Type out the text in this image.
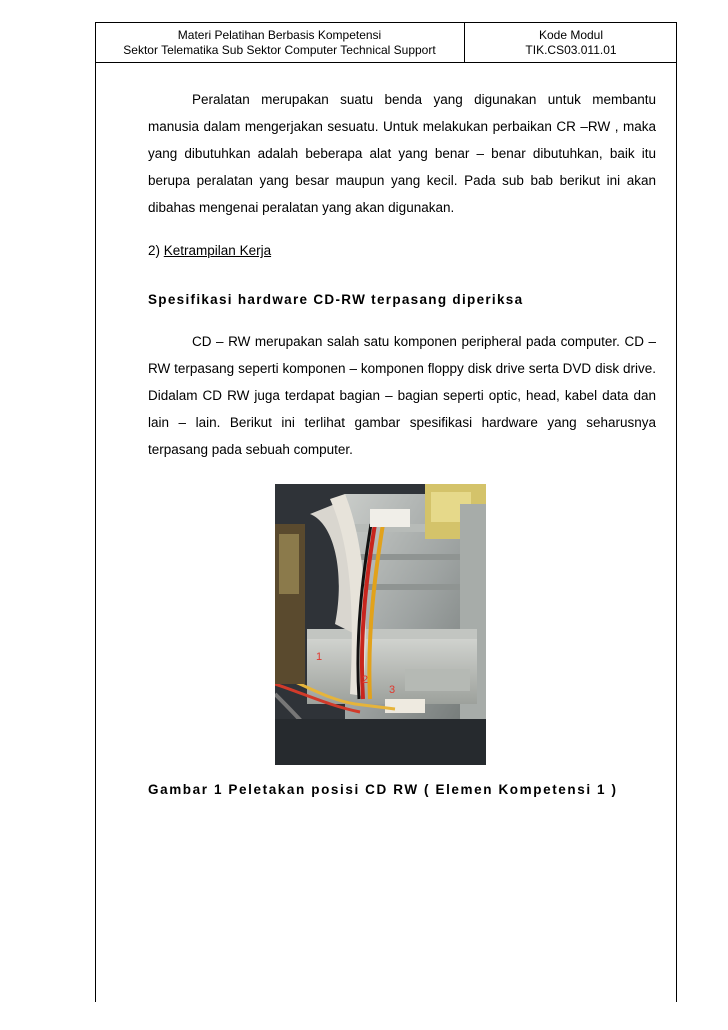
Materi Pelatihan Berbasis Kompetensi
Sektor Telematika Sub Sektor Computer Technical Support
Kode Modul
TIK.CS03.011.01
Peralatan merupakan suatu benda yang digunakan untuk membantu manusia dalam mengerjakan sesuatu. Untuk melakukan perbaikan CR –RW , maka yang dibutuhkan adalah beberapa alat yang benar – benar dibutuhkan, baik itu berupa peralatan yang besar maupun yang kecil. Pada sub bab berikut ini akan dibahas mengenai peralatan yang akan digunakan.
2) Ketrampilan Kerja
Spesifikasi hardware CD-RW terpasang diperiksa
CD – RW merupakan salah satu komponen peripheral pada computer. CD –RW terpasang seperti komponen – komponen floppy disk drive serta DVD disk drive. Didalam CD RW juga terdapat bagian – bagian seperti optic, head, kabel data dan lain – lain. Berikut ini terlihat gambar spesifikasi hardware yang seharusnya terpasang pada sebuah computer.
1
2
3
Gambar 1 Peletakan posisi CD RW ( Elemen Kompetensi 1 )
